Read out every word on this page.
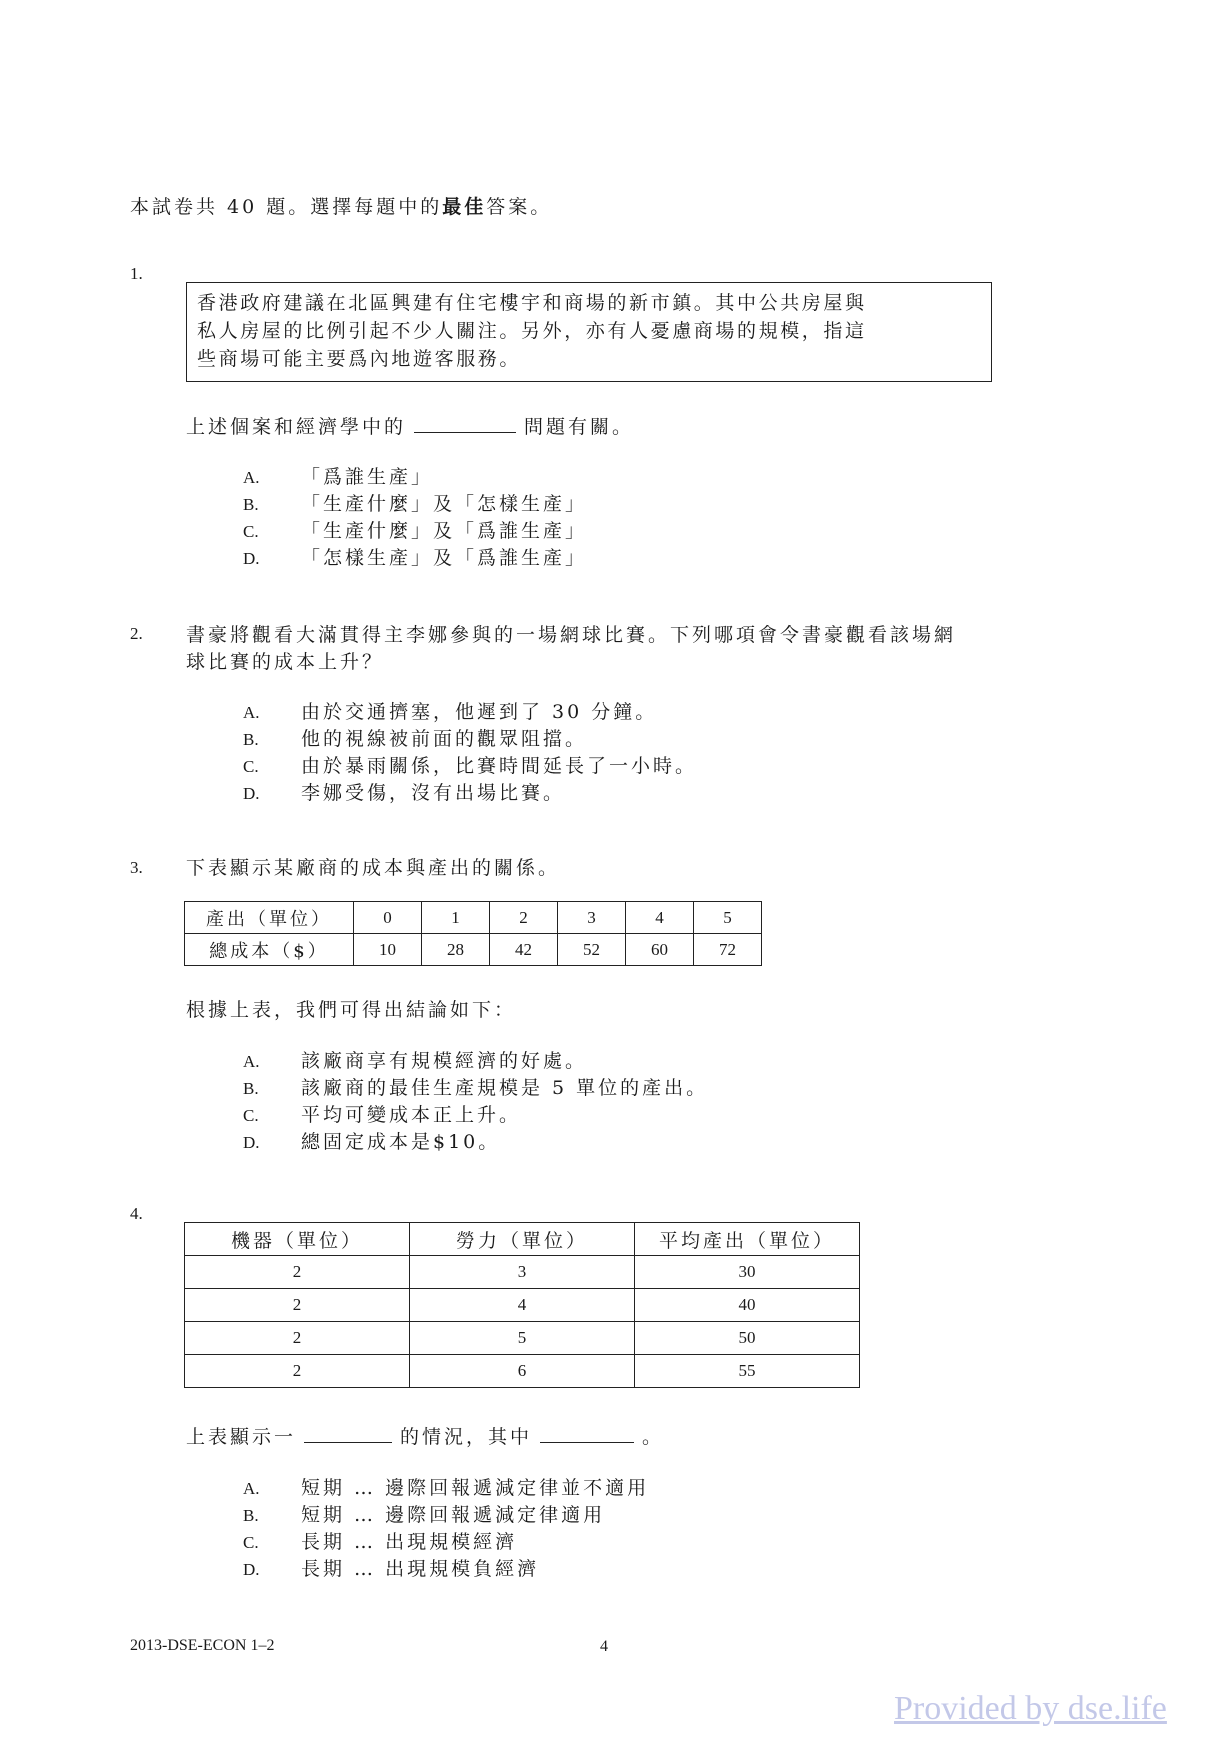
本試卷共 40 題。選擇每題中的最佳答案。
1.

香港政府建議在北區興建有住宅樓宇和商場的新市鎮。其中公共房屋與

私人房屋的比例引起不少人關注。另外，亦有人憂慮商場的規模，指這

些商場可能主要爲內地遊客服務。

上述個案和經濟學中的	問題有關。
A.	「爲誰生產」
B.	「生產什麼」及「怎樣生產」
C.	「生產什麼」及「爲誰生產」
D.	「怎樣生產」及「爲誰生產」
2. 書豪將觀看大滿貫得主李娜參與的一場網球比賽。下列哪項會令書豪觀看該場網
球比賽的成本上升？
A.	由於交通擠塞，他遲到了 30 分鐘。
B.	他的視線被前面的觀眾阻擋。
C.	由於暴雨關係，比賽時間延長了一小時。
D.	李娜受傷，沒有出場比賽。
3. 下表顯示某廠商的成本與產出的關係。
產出（單位）	0	1	2	3	4	5
總成本（$）	10	28	42	52	60	72
根據上表，我們可得出結論如下：
A.	該廠商享有規模經濟的好處。
B.	該廠商的最佳生產規模是 5 單位的產出。
C.	平均可變成本正上升。
D.	總固定成本是$10。
4.
機器（單位）	勞力（單位）	平均產出（單位）
2	3	30
2	4	40
2	5	50
2	6	55
上表顯示一	的情況，其中	。
A.	短期 … 邊際回報遞減定律並不適用
B.	短期 … 邊際回報遞減定律適用
C.	長期 … 出現規模經濟
D.	長期 … 出現規模負經濟
2013-DSE-ECON 1–2	4
Provided by dse.life
